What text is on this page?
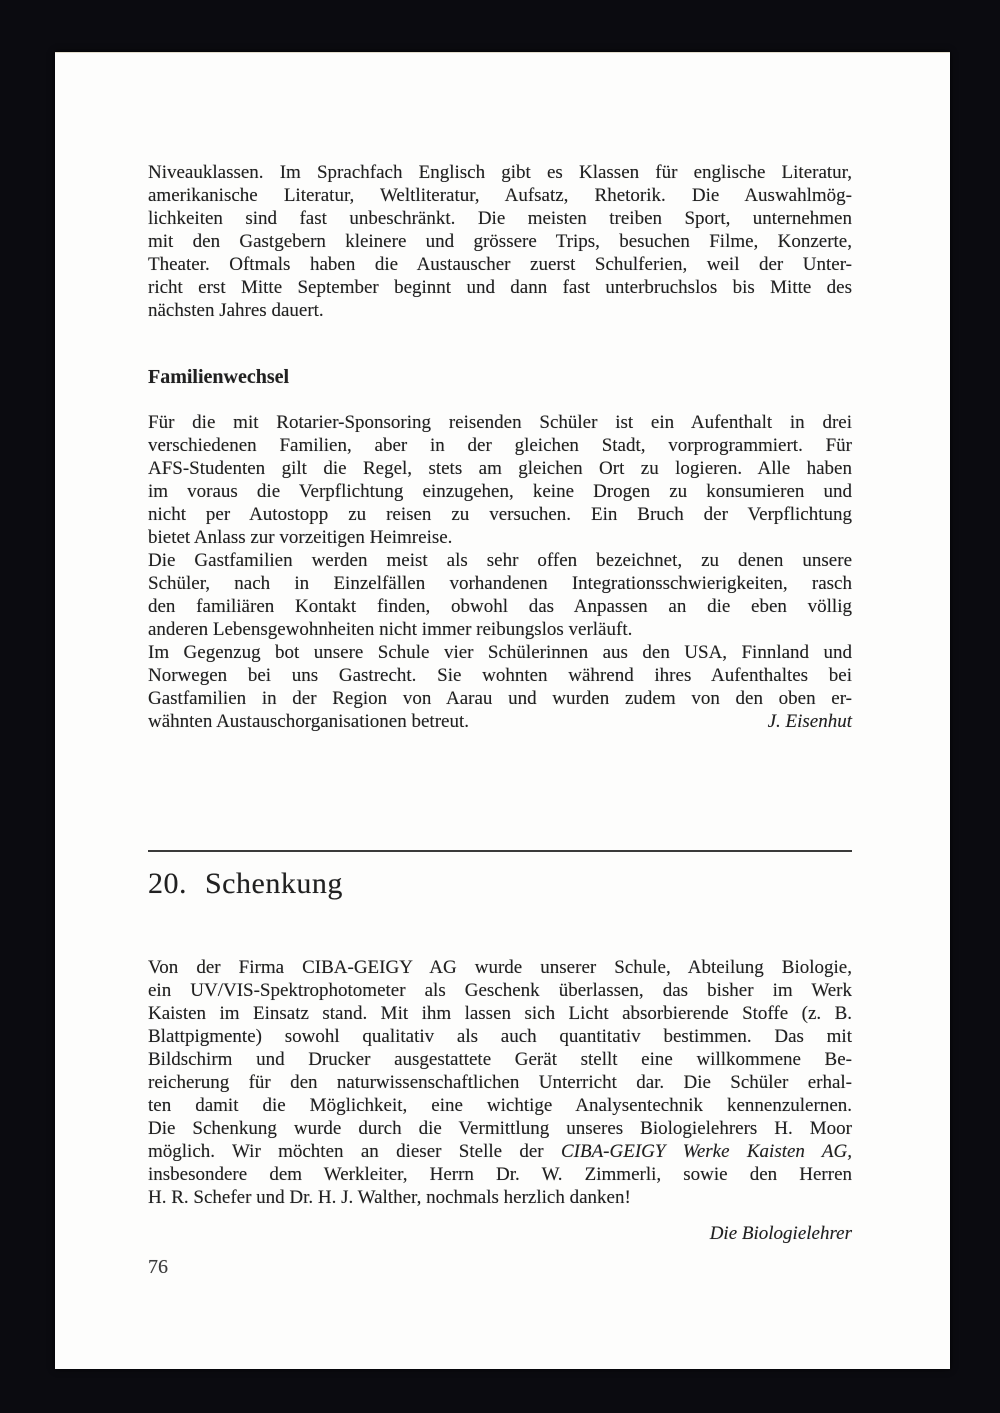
Niveauklassen. Im Sprachfach Englisch gibt es Klassen für englische Literatur,
amerikanische Literatur, Weltliteratur, Aufsatz, Rhetorik. Die Auswahlmög-
lichkeiten sind fast unbeschränkt. Die meisten treiben Sport, unternehmen
mit den Gastgebern kleinere und grössere Trips, besuchen Filme, Konzerte,
Theater. Oftmals haben die Austauscher zuerst Schulferien, weil der Unter-
richt erst Mitte September beginnt und dann fast unterbruchslos bis Mitte des
nächsten Jahres dauert.
Familienwechsel
Für die mit Rotarier-Sponsoring reisenden Schüler ist ein Aufenthalt in drei
verschiedenen Familien, aber in der gleichen Stadt, vorprogrammiert. Für
AFS-Studenten gilt die Regel, stets am gleichen Ort zu logieren. Alle haben
im voraus die Verpflichtung einzugehen, keine Drogen zu konsumieren und
nicht per Autostopp zu reisen zu versuchen. Ein Bruch der Verpflichtung
bietet Anlass zur vorzeitigen Heimreise.
Die Gastfamilien werden meist als sehr offen bezeichnet, zu denen unsere
Schüler, nach in Einzelfällen vorhandenen Integrationsschwierigkeiten, rasch
den familiären Kontakt finden, obwohl das Anpassen an die eben völlig
anderen Lebensgewohnheiten nicht immer reibungslos verläuft.
Im Gegenzug bot unsere Schule vier Schülerinnen aus den USA, Finnland und
Norwegen bei uns Gastrecht. Sie wohnten während ihres Aufenthaltes bei
Gastfamilien in der Region von Aarau und wurden zudem von den oben er-
wähnten Austauschorganisationen betreut.	J. Eisenhut
20. Schenkung
Von der Firma CIBA-GEIGY AG wurde unserer Schule, Abteilung Biologie,
ein UV/VIS-Spektrophotometer als Geschenk überlassen, das bisher im Werk
Kaisten im Einsatz stand. Mit ihm lassen sich Licht absorbierende Stoffe (z. B.
Blattpigmente) sowohl qualitativ als auch quantitativ bestimmen. Das mit
Bildschirm und Drucker ausgestattete Gerät stellt eine willkommene Be-
reicherung für den naturwissenschaftlichen Unterricht dar. Die Schüler erhal-
ten damit die Möglichkeit, eine wichtige Analysentechnik kennenzulernen.
Die Schenkung wurde durch die Vermittlung unseres Biologielehrers H. Moor
möglich. Wir möchten an dieser Stelle der CIBA-GEIGY Werke Kaisten AG,
insbesondere dem Werkleiter, Herrn Dr. W. Zimmerli, sowie den Herren
H. R. Schefer und Dr. H. J. Walther, nochmals herzlich danken!
Die Biologielehrer
76
